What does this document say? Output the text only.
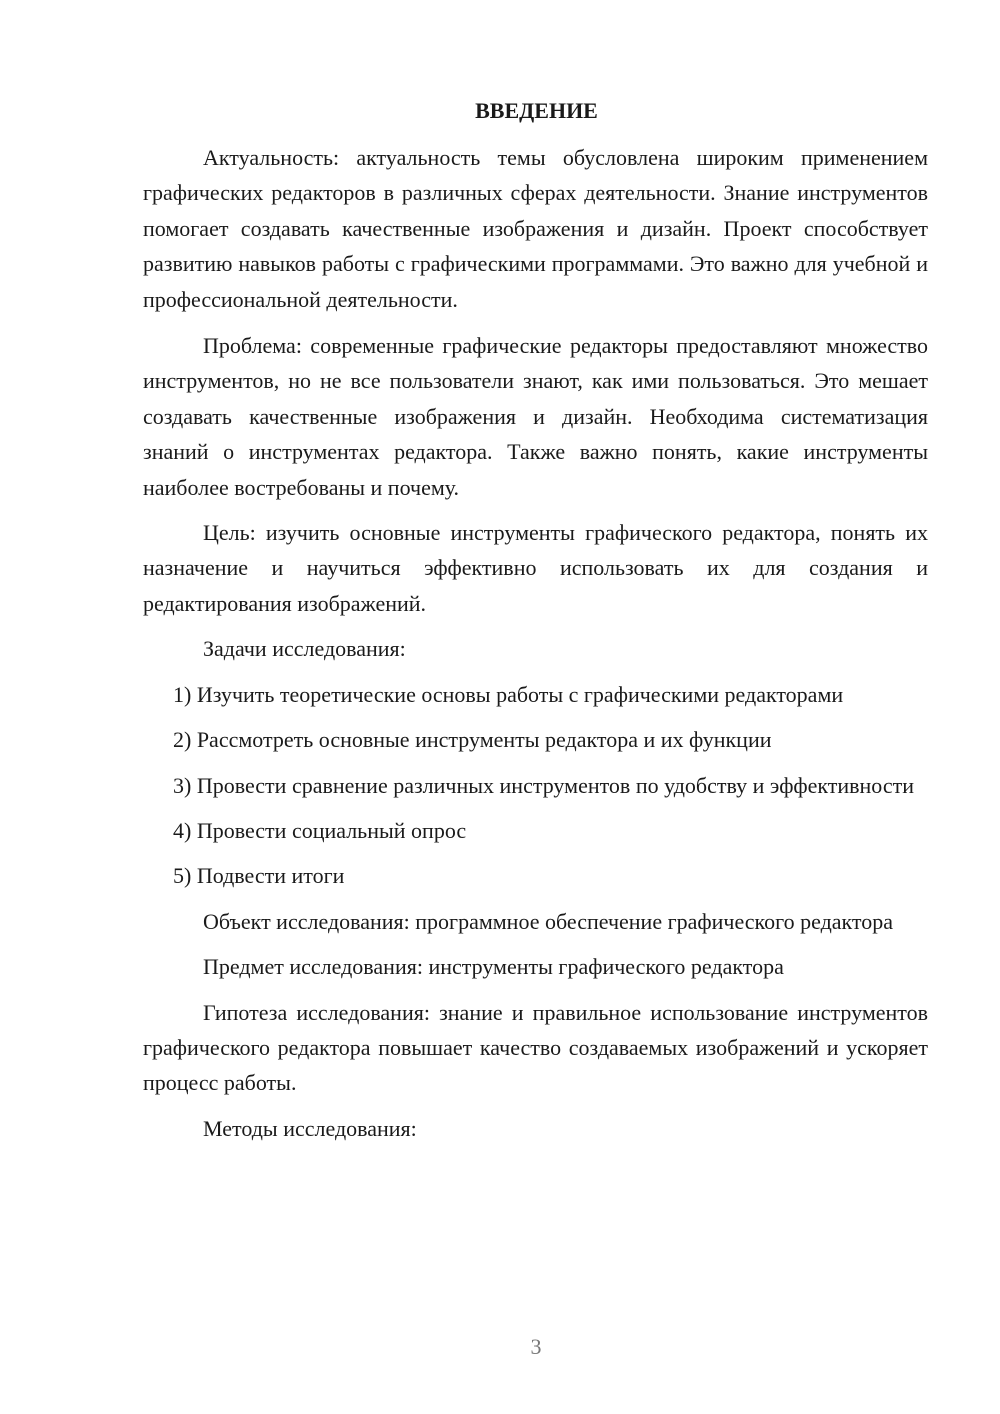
ВВЕДЕНИЕ

Актуальность: актуальность темы обусловлена широким применением графических редакторов в различных сферах деятельности. Знание инструментов помогает создавать качественные изображения и дизайн. Проект способствует развитию навыков работы с графическими программами. Это важно для учебной и профессиональной деятельности.

Проблема: современные графические редакторы предоставляют множество инструментов, но не все пользователи знают, как ими пользоваться. Это мешает создавать качественные изображения и дизайн. Необходима систематизация знаний о инструментах редактора. Также важно понять, какие инструменты наиболее востребованы и почему.

Цель: изучить основные инструменты графического редактора, понять их назначение и научиться эффективно использовать их для создания и редактирования изображений.

Задачи исследования:

1) Изучить теоретические основы работы с графическими редакторами

2) Рассмотреть основные инструменты редактора и их функции

3) Провести сравнение различных инструментов по удобству и эффективности

4) Провести социальный опрос

5) Подвести итоги

Объект исследования: программное обеспечение графического редактора

Предмет исследования: инструменты графического редактора

Гипотеза исследования: знание и правильное использование инструментов графического редактора повышает качество создаваемых изображений и ускоряет процесс работы.

Методы исследования:

3
